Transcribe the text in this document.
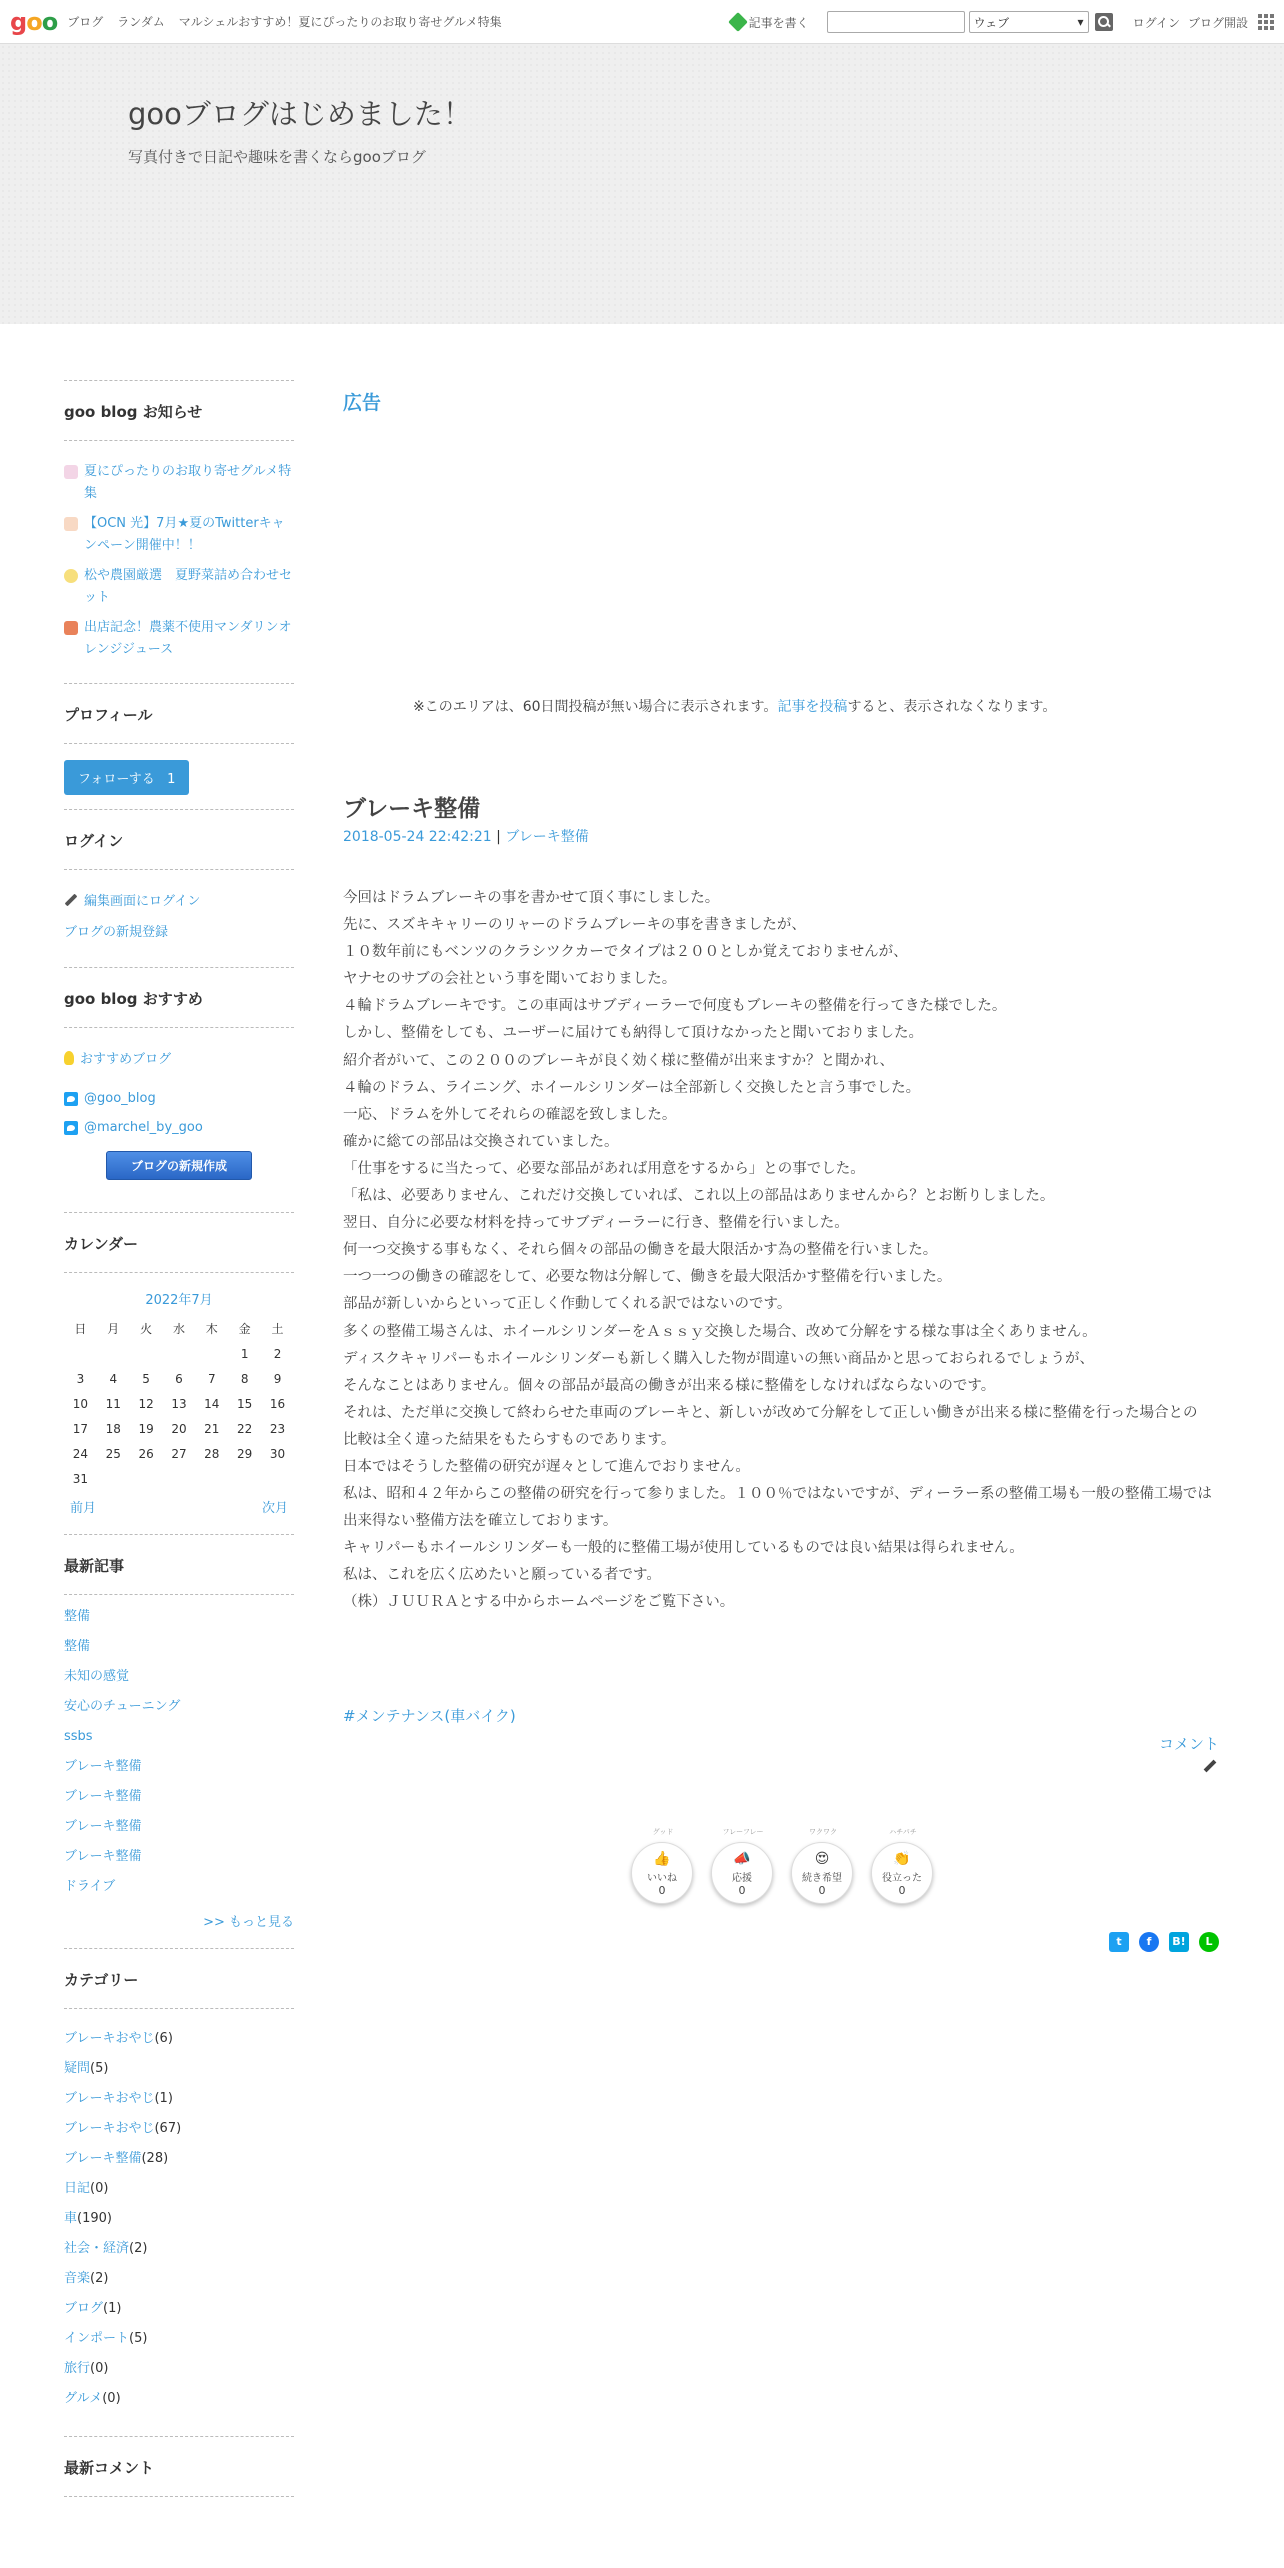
goo ブログ ランダム マルシェルおすすめ！夏にぴったりのお取り寄せグルメ特集	記事を書く	ウェブ	▾	ログイン ブログ開設
gooブログはじめました！
写真付きで日記や趣味を書くならgooブログ
goo blog お知らせ
夏にぴったりのお取り寄せグルメ特集
【OCN 光】7月★夏のTwitterキャンペーン開催中！！
松や農園厳選　夏野菜詰め合わせセット
出店記念！農薬不使用マンダリンオレンジジュース
プロフィール
フォローする 1
ログイン
編集画面にログイン
ブログの新規登録
goo blog おすすめ
おすすめブログ
@goo_blog
@marchel_by_goo
ブログの新規作成
カレンダー
2022年7月
日	月	火	水	木	金	土
					1	2
3	4	5	6	7	8	9
10	11	12	13	14	15	16
17	18	19	20	21	22	23
24	25	26	27	28	29	30
31						
前月	次月
最新記事
整備
整備
未知の感覚
安心のチューニング
ssbs
ブレーキ整備
ブレーキ整備
ブレーキ整備
ブレーキ整備
ドライブ
>> もっと見る
カテゴリー
ブレーキおやじ(6)
疑問(5)
ブレーキおやじ(1)
ブレーキおやじ(67)
ブレーキ整備(28)
日記(0)
車(190)
社会・経済(2)
音楽(2)
ブログ(1)
インポート(5)
旅行(0)
グルメ(0)
最新コメント
広告
※このエリアは、60日間投稿が無い場合に表示されます。記事を投稿すると、表示されなくなります。
ブレーキ整備
2018-05-24 22:42:21 | ブレーキ整備

今回はドラムブレーキの事を書かせて頂く事にしました。

先に、スズキキャリーのリャーのドラムブレーキの事を書きましたが、

１０数年前にもベンツのクラシツクカーでタイプは２００としか覚えておりませんが、

ヤナセのサブの会社という事を聞いておりました。

４輪ドラムブレーキです。この車両はサブディーラーで何度もブレーキの整備を行ってきた様でした。

しかし、整備をしても、ユーザーに届けても納得して頂けなかったと聞いておりました。

紹介者がいて、この２００のブレーキが良く効く様に整備が出来ますか？と聞かれ、

４輪のドラム、ライニング、ホイールシリンダーは全部新しく交換したと言う事でした。

一応、ドラムを外してそれらの確認を致しました。

確かに総ての部品は交換されていました。

「仕事をするに当たって、必要な部品があれば用意をするから」との事でした。

「私は、必要ありません、これだけ交換していれば、これ以上の部品はありませんから？とお断りしました。

翌日、自分に必要な材料を持ってサブディーラーに行き、整備を行いました。

何一つ交換する事もなく、それら個々の部品の働きを最大限活かす為の整備を行いました。

一つ一つの働きの確認をして、必要な物は分解して、働きを最大限活かす整備を行いました。

部品が新しいからといって正しく作動してくれる訳ではないのです。

多くの整備工場さんは、ホイールシリンダーをＡｓｓｙ交換した場合、改めて分解をする様な事は全くありません。

ディスクキャリパーもホイールシリンダーも新しく購入した物が間違いの無い商品かと思っておられるでしょうが、

そんなことはありません。個々の部品が最高の働きが出来る様に整備をしなければならないのです。

それは、ただ単に交換して終わらせた車両のブレーキと、新しいが改めて分解をして正しい働きが出来る様に整備を行った場合との

比較は全く違った結果をもたらすものであります。

日本ではそうした整備の研究が遅々として進んでおりません。

私は、昭和４２年からこの整備の研究を行って参りました。１００％ではないですが、ディーラー系の整備工場も一般の整備工場では

出来得ない整備方法を確立しております。

キャリパーもホイールシリンダーも一般的に整備工場が使用しているものでは良い結果は得られません。

私は、これを広く広めたいと願っている者です。

（株）ＪＵＵＲＡとする中からホームページをご覧下さい。

#メンテナンス(車バイク)
コメント
グッド
👍
いいね
0
フレーフレー
📣
応援
0
ワクワク
😍
続き希望
0
ハチパチ
👏
役立った
0
t	f	B!	L
